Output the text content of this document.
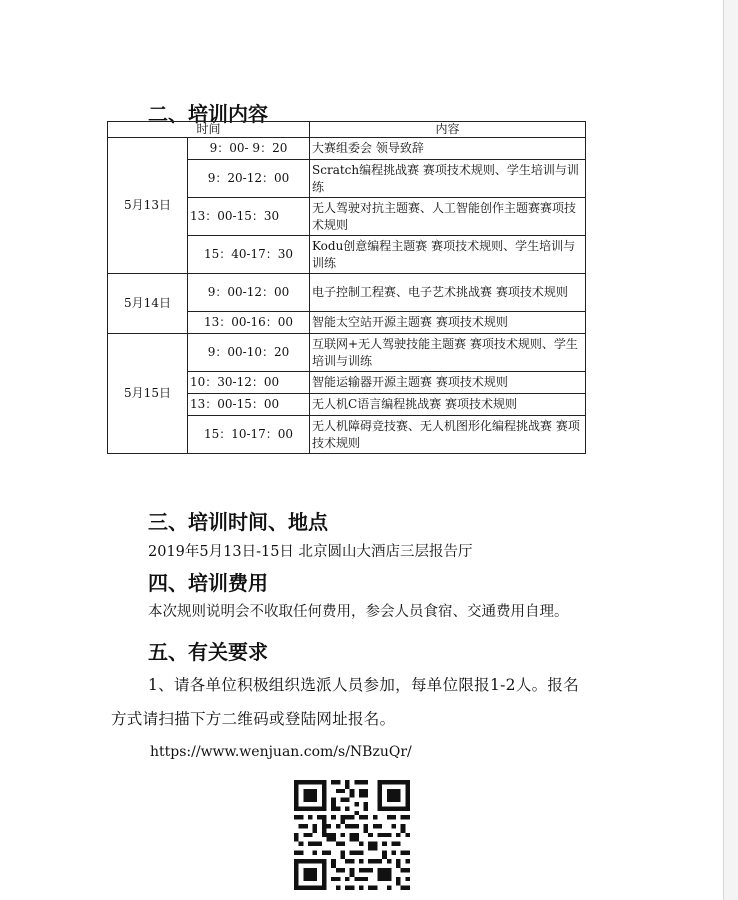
二、培训内容
时间		内容
5月13日	9：00- 9：20	大赛组委会 领导致辞
	9：20-12：00	Scratch编程挑战赛 赛项技术规则、学生培训与训练
	13：00-15：30	无人驾驶对抗主题赛、人工智能创作主题赛赛项技术规则
	15：40-17：30	Kodu创意编程主题赛 赛项技术规则、学生培训与训练
5月14日	9：00-12：00	电子控制工程赛、电子艺术挑战赛 赛项技术规则
	13：00-16：00	智能太空站开源主题赛 赛项技术规则
5月15日	9：00-10：20	互联网+无人驾驶技能主题赛 赛项技术规则、学生培训与训练
	10：30-12：00	智能运输器开源主题赛 赛项技术规则
	13：00-15：00	无人机C语言编程挑战赛 赛项技术规则
	15：10-17：00	无人机障碍竞技赛、无人机图形化编程挑战赛 赛项技术规则
三、培训时间、地点
2019年5月13日-15日 北京圆山大酒店三层报告厅
四、培训费用
本次规则说明会不收取任何费用，参会人员食宿、交通费用自理。
五、有关要求
1、请各单位积极组织选派人员参加，每单位限报1-2人。报名
方式请扫描下方二维码或登陆网址报名。
https://www.wenjuan.com/s/NBzuQr/
